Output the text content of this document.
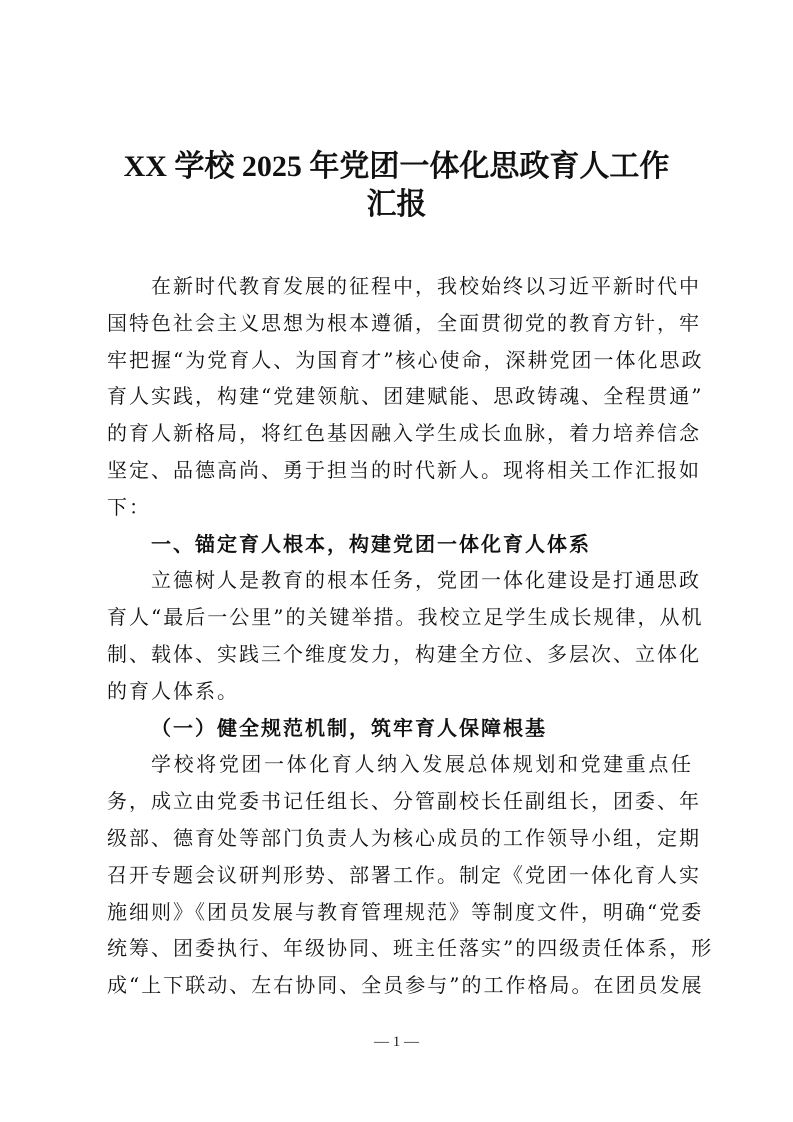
XX 学校 2025 年党团一体化思政育人工作
汇报
在新时代教育发展的征程中，我校始终以习近平新时代中
国特色社会主义思想为根本遵循，全面贯彻党的教育方针，牢
牢把握“为党育人、为国育才”核心使命，深耕党团一体化思政
育人实践，构建“党建领航、团建赋能、思政铸魂、全程贯通”
的育人新格局，将红色基因融入学生成长血脉，着力培养信念
坚定、品德高尚、勇于担当的时代新人。现将相关工作汇报如
下：
一、锚定育人根本，构建党团一体化育人体系
立德树人是教育的根本任务，党团一体化建设是打通思政
育人“最后一公里”的关键举措。我校立足学生成长规律，从机
制、载体、实践三个维度发力，构建全方位、多层次、立体化
的育人体系。
（一）健全规范机制，筑牢育人保障根基
学校将党团一体化育人纳入发展总体规划和党建重点任
务，成立由党委书记任组长、分管副校长任副组长，团委、年
级部、德育处等部门负责人为核心成员的工作领导小组，定期
召开专题会议研判形势、部署工作。制定《党团一体化育人实
施细则》《团员发展与教育管理规范》等制度文件，明确“党委
统筹、团委执行、年级协同、班主任落实”的四级责任体系，形
成“上下联动、左右协同、全员参与”的工作格局。在团员发展
— 1 —
